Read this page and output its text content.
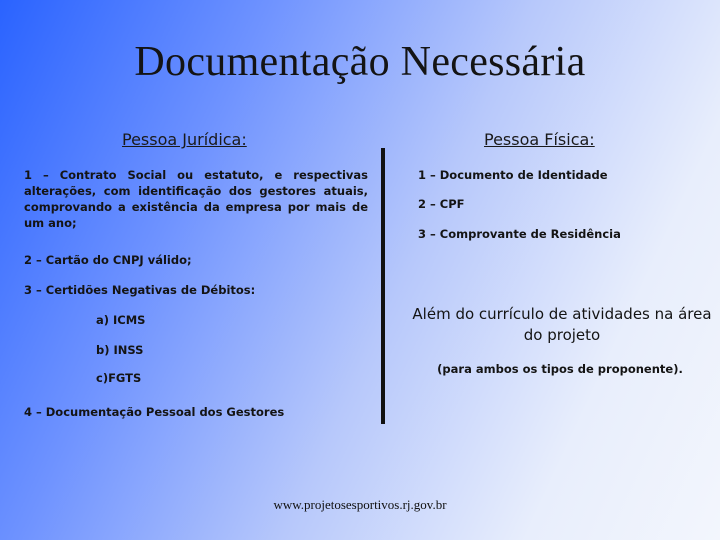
Documentação Necessária
Pessoa Jurídica:	Pessoa Física:
1 – Contrato Social ou estatuto, e respectivas alterações, com identificação dos gestores atuais, comprovando a existência da empresa por mais de um ano;
2 – Cartão do CNPJ válido;
3 – Certidões Negativas de Débitos:
a) ICMS
b) INSS
c)FGTS
4 – Documentação Pessoal dos Gestores
1 – Documento de Identidade
2 – CPF
3 – Comprovante de Residência
Além do currículo de atividades na área do projeto
(para ambos os tipos de proponente).
www.projetosesportivos.rj.gov.br
